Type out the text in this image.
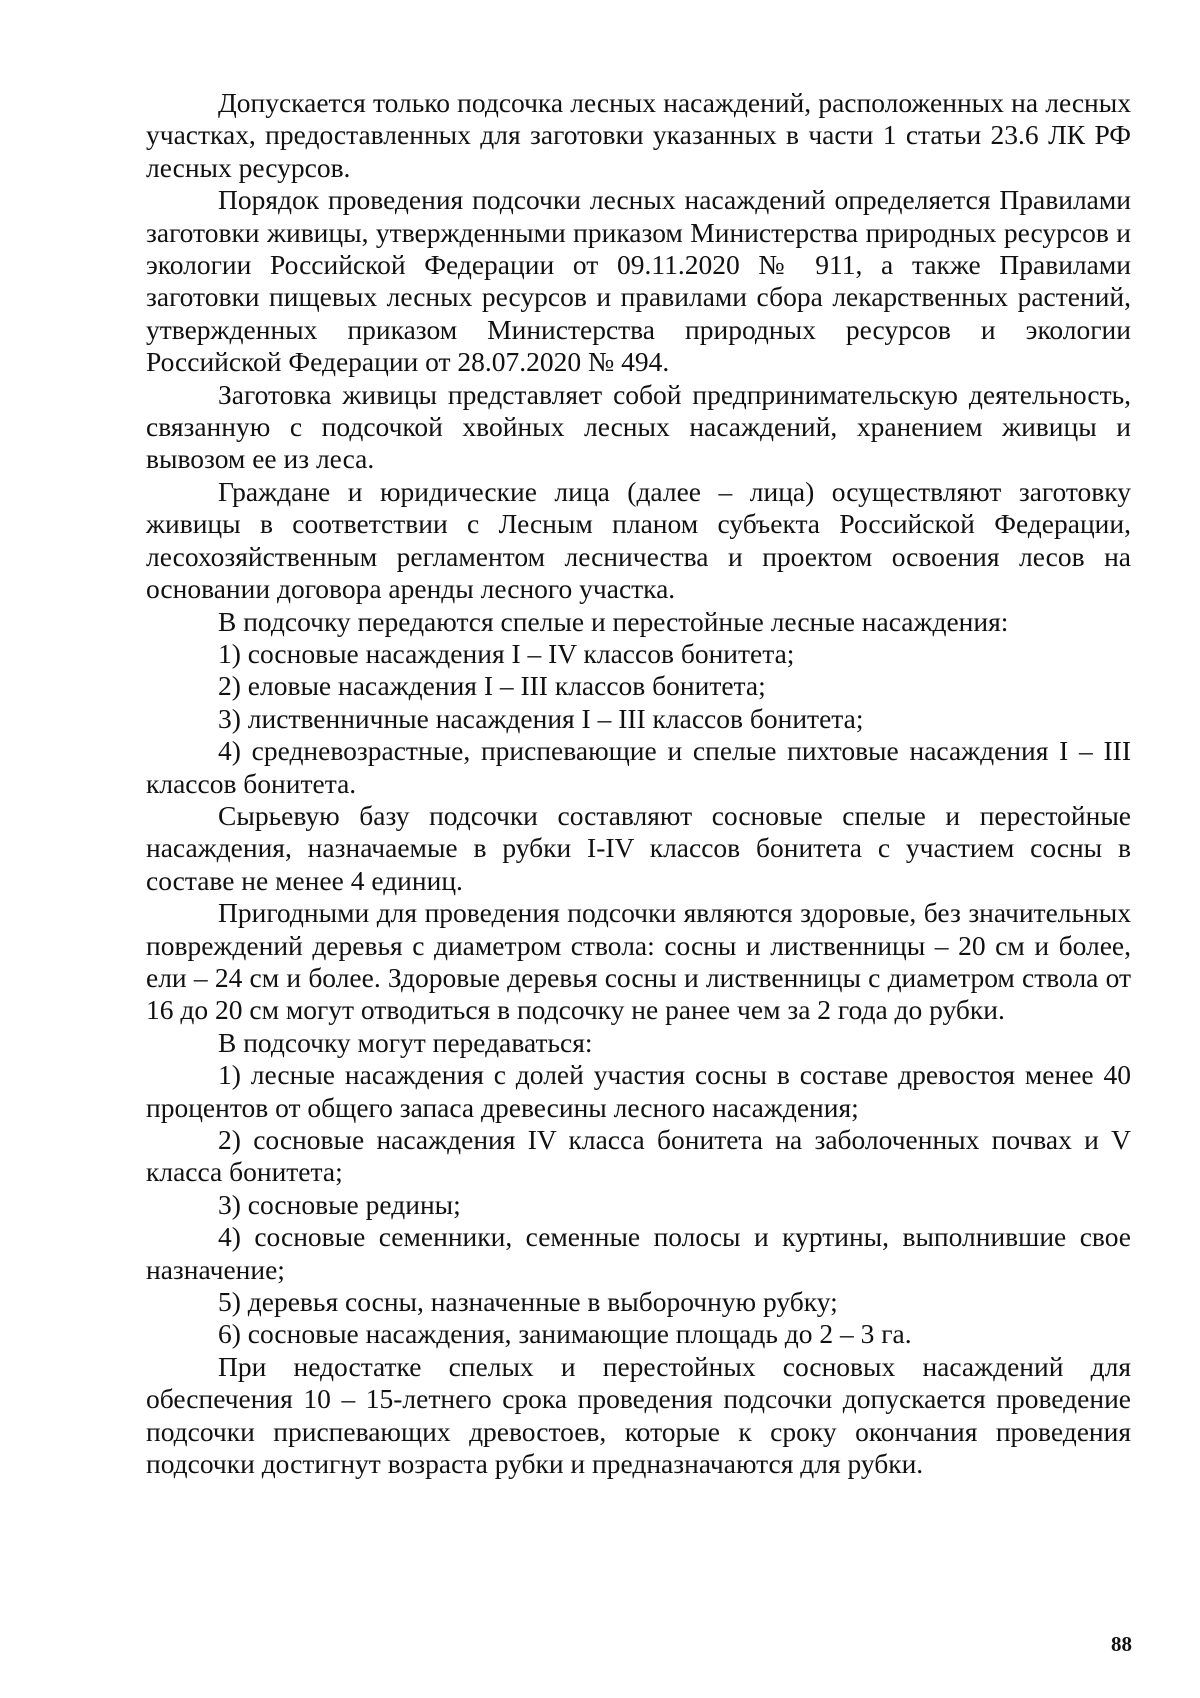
Допускается только подсочка лесных насаждений, расположенных на лесных участках, предоставленных для заготовки указанных в части 1 статьи 23.6 ЛК РФ лесных ресурсов.

Порядок проведения подсочки лесных насаждений определяется Правилами заготовки живицы, утвержденными приказом Министерства природных ресурсов и экологии Российской Федерации от 09.11.2020 № 911, а также Правилами заготовки пищевых лесных ресурсов и правилами сбора лекарственных растений, утвержденных приказом Министерства природных ресурсов и экологии Российской Федерации от 28.07.2020 № 494.

Заготовка живицы представляет собой предпринимательскую деятельность, связанную с подсочкой хвойных лесных насаждений, хранением живицы и вывозом ее из леса.

Граждане и юридические лица (далее – лица) осуществляют заготовку живицы в соответствии с Лесным планом субъекта Российской Федерации, лесохозяйственным регламентом лесничества и проектом освоения лесов на основании договора аренды лесного участка.

В подсочку передаются спелые и перестойные лесные насаждения:

1) сосновые насаждения I – IV классов бонитета;

2) еловые насаждения I – III классов бонитета;

3) лиственничные насаждения I – III классов бонитета;

4) средневозрастные, приспевающие и спелые пихтовые насаждения I – III классов бонитета.

Сырьевую базу подсочки составляют сосновые спелые и перестойные насаждения, назначаемые в рубки I-IV классов бонитета с участием сосны в составе не менее 4 единиц.

Пригодными для проведения подсочки являются здоровые, без значительных повреждений деревья с диаметром ствола: сосны и лиственницы – 20 см и более, ели – 24 см и более. Здоровые деревья сосны и лиственницы с диаметром ствола от 16 до 20 см могут отводиться в подсочку не ранее чем за 2 года до рубки.

В подсочку могут передаваться:

1) лесные насаждения с долей участия сосны в составе древостоя менее 40 процентов от общего запаса древесины лесного насаждения;

2) сосновые насаждения IV класса бонитета на заболоченных почвах и V класса бонитета;

3) сосновые редины;

4) сосновые семенники, семенные полосы и куртины, выполнившие свое назначение;

5) деревья сосны, назначенные в выборочную рубку;

6) сосновые насаждения, занимающие площадь до 2 – 3 га.

При недостатке спелых и перестойных сосновых насаждений для обеспечения 10 – 15-летнего срока проведения подсочки допускается проведение подсочки приспевающих древостоев, которые к сроку окончания проведения подсочки достигнут возраста рубки и предназначаются для рубки.

88
